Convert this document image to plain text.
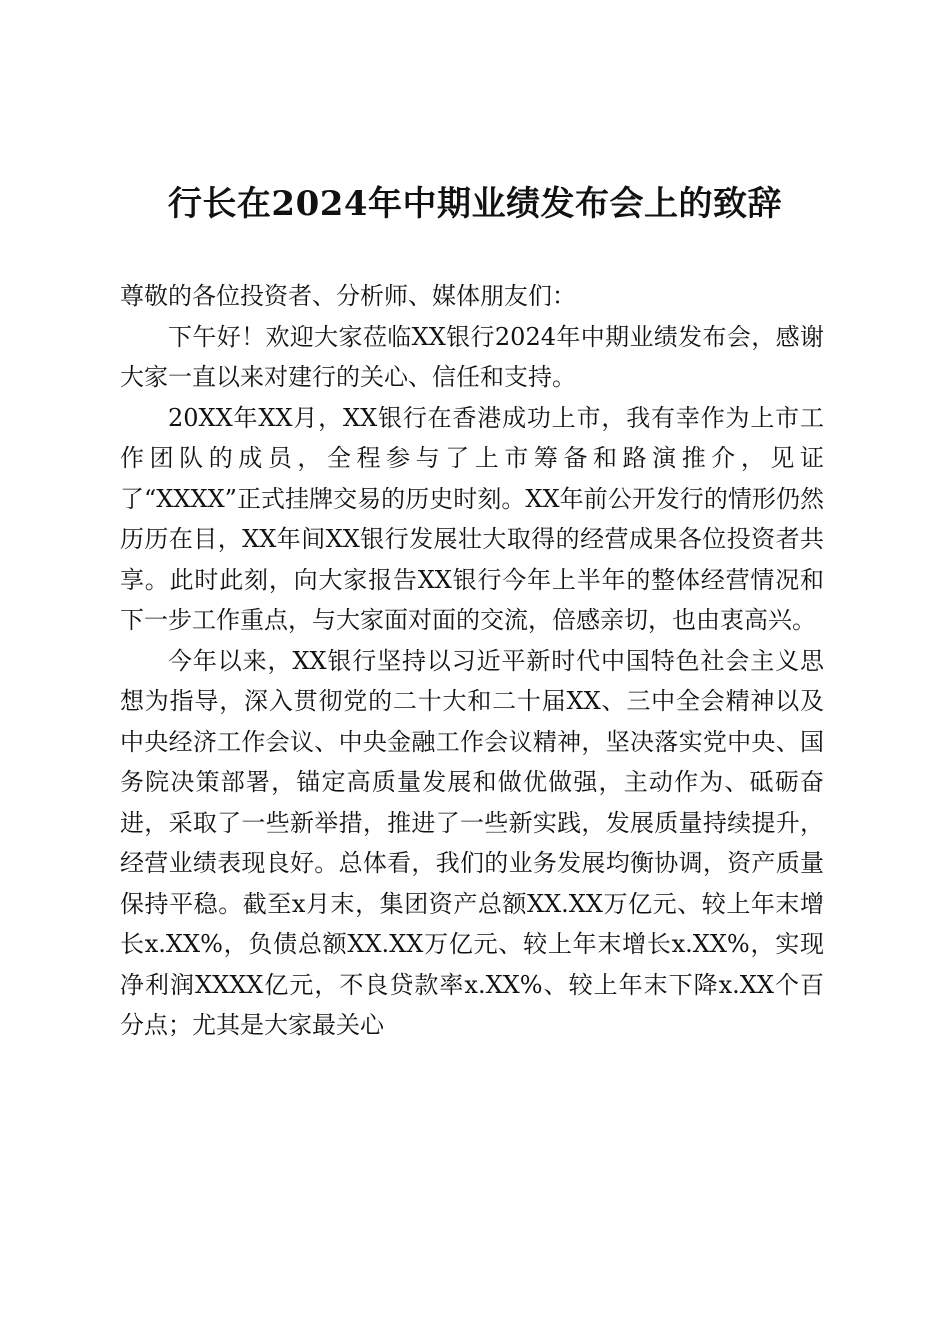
行长在2024年中期业绩发布会上的致辞

尊敬的各位投资者、分析师、媒体朋友们：

下午好！欢迎大家莅临XX银行2024年中期业绩发布会，感谢大家一直以来对建行的关心、信任和支持。

20XX年XX月，XX银行在香港成功上市，我有幸作为上市工作团队的成员，全程参与了上市筹备和路演推介，见证了“XXXX”正式挂牌交易的历史时刻。XX年前公开发行的情形仍然历历在目，XX年间XX银行发展壮大取得的经营成果各位投资者共享。此时此刻，向大家报告XX银行今年上半年的整体经营情况和下一步工作重点，与大家面对面的交流，倍感亲切，也由衷高兴。

今年以来，XX银行坚持以习近平新时代中国特色社会主义思想为指导，深入贯彻党的二十大和二十届XX、三中全会精神以及中央经济工作会议、中央金融工作会议精神，坚决落实党中央、国务院决策部署，锚定高质量发展和做优做强，主动作为、砥砺奋进，采取了一些新举措，推进了一些新实践，发展质量持续提升，经营业绩表现良好。总体看，我们的业务发展均衡协调，资产质量保持平稳。截至x月末，集团资产总额XX.XX万亿元、较上年末增长x.XX%，负债总额XX.XX万亿元、较上年末增长x.XX%，实现净利润XXXX亿元，不良贷款率x.XX%、较上年末下降x.XX个百分点；尤其是大家最关心
